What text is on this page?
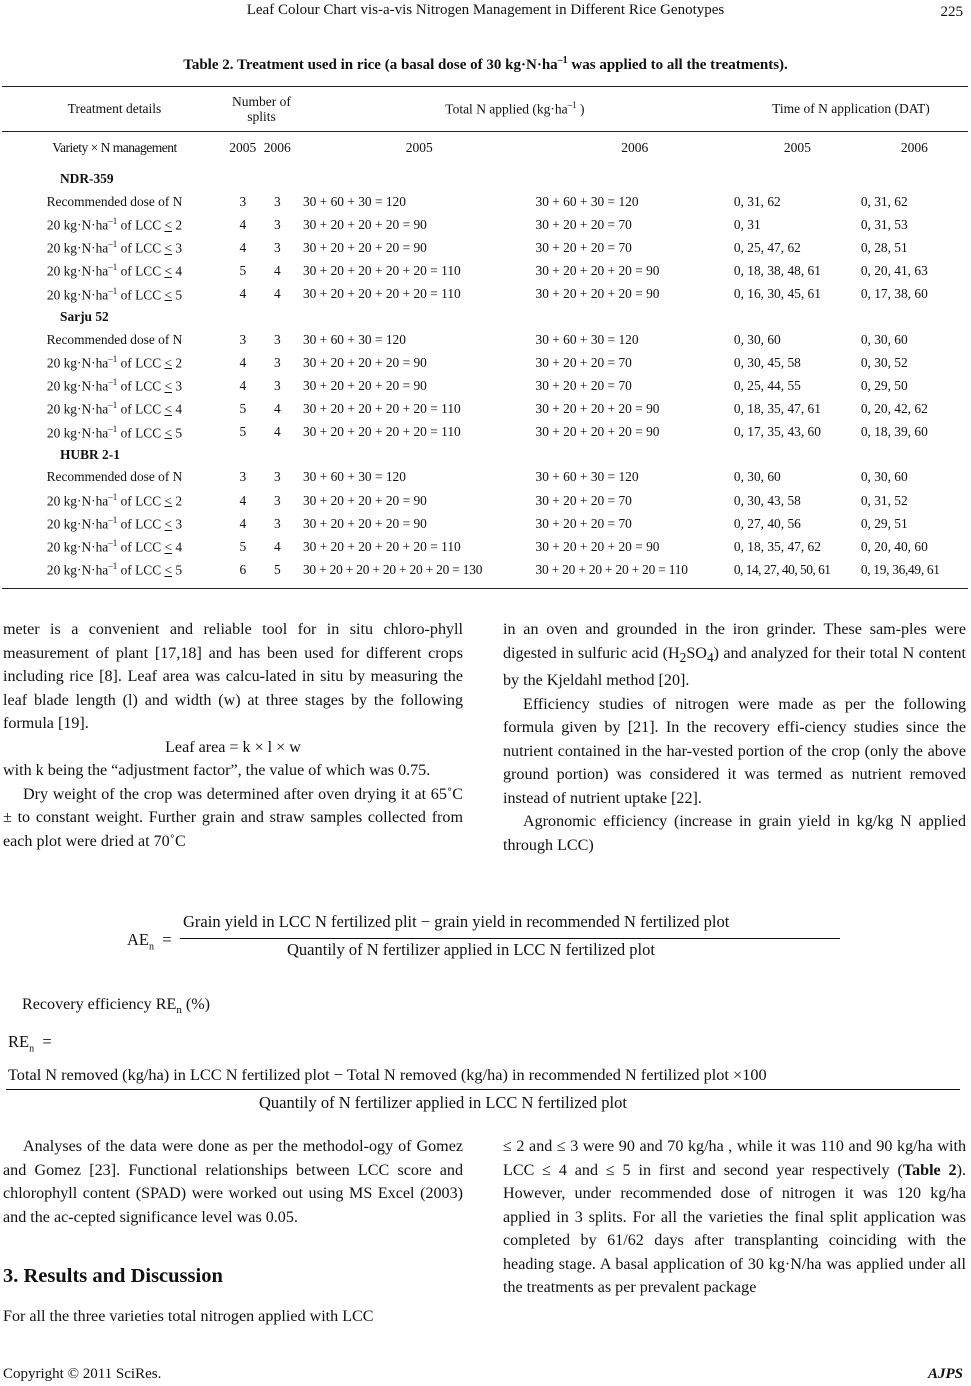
Leaf Colour Chart vis-a-vis Nitrogen Management in Different Rice Genotypes	225
Table 2. Treatment used in rice (a basal dose of 30 $kg\cdot N\cdot ha^{-1}$ was applied to all the treatments).
Treatment details	Number of
splits		Total N applied ($kg\cdot ha^{-1}$ )		Time of N application (DAT)	
Variety × N management	2005	2006	2005	2006	2005	2006
NDR-359						
Recommended dose of N	3	3	30 + 60 + 30 = 120	30 + 60 + 30 = 120	0, 31, 62	0, 31, 62
20 $kg\cdot N\cdot ha^{-1}$ of LCC < 2	4	3	30 + 20 + 20 + 20 = 90	30 + 20 + 20 = 70	0, 31	0, 31, 53
20 $kg\cdot N\cdot ha^{-1}$ of LCC < 3	4	3	30 + 20 + 20 + 20 = 90	30 + 20 + 20 = 70	0, 25, 47, 62	0, 28, 51
20 $kg\cdot N\cdot ha^{-1}$ of LCC < 4	5	4	30 + 20 + 20 + 20 + 20 = 110	30 + 20 + 20 + 20 = 90	0, 18, 38, 48, 61	0, 20, 41, 63
20 $kg\cdot N\cdot ha^{-1}$ of LCC < 5	4	4	30 + 20 + 20 + 20 + 20 = 110	30 + 20 + 20 + 20 = 90	0, 16, 30, 45, 61	0, 17, 38, 60
Sarju 52						
Recommended dose of N	3	3	30 + 60 + 30 = 120	30 + 60 + 30 = 120	0, 30, 60	0, 30, 60
20 $kg\cdot N\cdot ha^{-1}$ of LCC < 2	4	3	30 + 20 + 20 + 20 = 90	30 + 20 + 20 = 70	0, 30, 45, 58	0, 30, 52
20 $kg\cdot N\cdot ha^{-1}$ of LCC < 3	4	3	30 + 20 + 20 + 20 = 90	30 + 20 + 20 = 70	0, 25, 44, 55	0, 29, 50
20 $kg\cdot N\cdot ha^{-1}$ of LCC < 4	5	4	30 + 20 + 20 + 20 + 20 = 110	30 + 20 + 20 + 20 = 90	0, 18, 35, 47, 61	0, 20, 42, 62
20 $kg\cdot N\cdot ha^{-1}$ of LCC < 5	5	4	30 + 20 + 20 + 20 + 20 = 110	30 + 20 + 20 + 20 = 90	0, 17, 35, 43, 60	0, 18, 39, 60
HUBR 2-1						
Recommended dose of N	3	3	30 + 60 + 30 = 120	30 + 60 + 30 = 120	0, 30, 60	0, 30, 60
20 $kg\cdot N\cdot ha^{-1}$ of LCC < 2	4	3	30 + 20 + 20 + 20 = 90	30 + 20 + 20 = 70	0, 30, 43, 58	0, 31, 52
20 $kg\cdot N\cdot ha^{-1}$ of LCC < 3	4	3	30 + 20 + 20 + 20 = 90	30 + 20 + 20 = 70	0, 27, 40, 56	0, 29, 51
20 $kg\cdot N\cdot ha^{-1}$ of LCC < 4	5	4	30 + 20 + 20 + 20 + 20 = 110	30 + 20 + 20 + 20 = 90	0, 18, 35, 47, 62	0, 20, 40, 60
20 $kg\cdot N\cdot ha^{-1}$ of LCC < 5	6	5	30 + 20 + 20 + 20 + 20 + 20 = 130	30 + 20 + 20 + 20 + 20 = 110	0, 14, 27, 40, 50, 61	0, 19, 36,49, 61

meter is a convenient and reliable tool for in situ chloro-phyll measurement of plant [17,18] and has been used for different crops including rice [8]. Leaf area was calcu-lated in situ by measuring the leaf blade length (l) and width (w) at three stages by the following formula [19].

Leaf area = k × l × w

with k being the “adjustment factor”, the value of which was 0.75.

Dry weight of the crop was determined after oven drying it at 65˚C ± to constant weight. Further grain and straw samples collected from each plot were dried at 70˚C

in an oven and grounded in the iron grinder. These sam-ples were digested in sulfuric acid $(H_2SO_4)$ and analyzed for their total N content by the Kjeldahl method [20].

Efficiency studies of nitrogen were made as per the following formula given by [21]. In the recovery effi-ciency studies since the nutrient contained in the har-vested portion of the crop (only the above ground portion) was considered it was termed as nutrient removed instead of nutrient uptake [22].

Agronomic efficiency (increase in grain yield in kg/kg N applied through LCC)

$AE_n$  =
Grain yield in LCC N fertilized plit − grain yield in recommended N fertilized plot
Quantily of N fertilizer applied in LCC N fertilized plot
Recovery efficiency $RE_n$ (%)
$RE_n$  =
Total N removed (kg/ha) in LCC N fertilized plot − Total N removed (kg/ha) in recommended N fertilized plot ×100
Quantily of N fertilizer applied in LCC N fertilized plot

Analyses of the data were done as per the methodol-ogy of Gomez and Gomez [23]. Functional relationships between LCC score and chlorophyll content (SPAD) were worked out using MS Excel (2003) and the ac-cepted significance level was 0.05.

3. Results and Discussion

For all the three varieties total nitrogen applied with LCC

≤ 2 and ≤ 3 were 90 and 70 kg/ha , while it was 110 and 90 kg/ha with LCC ≤ 4 and ≤ 5 in first and second year respectively (Table 2). However, under recommended dose of nitrogen it was 120 kg/ha applied in 3 splits. For all the varieties the final split application was completed by 61/62 days after transplanting coinciding with the heading stage. A basal application of 30 kg·N/ha was applied under all the treatments as per prevalent package

Copyright © 2011 SciRes.	AJPS
